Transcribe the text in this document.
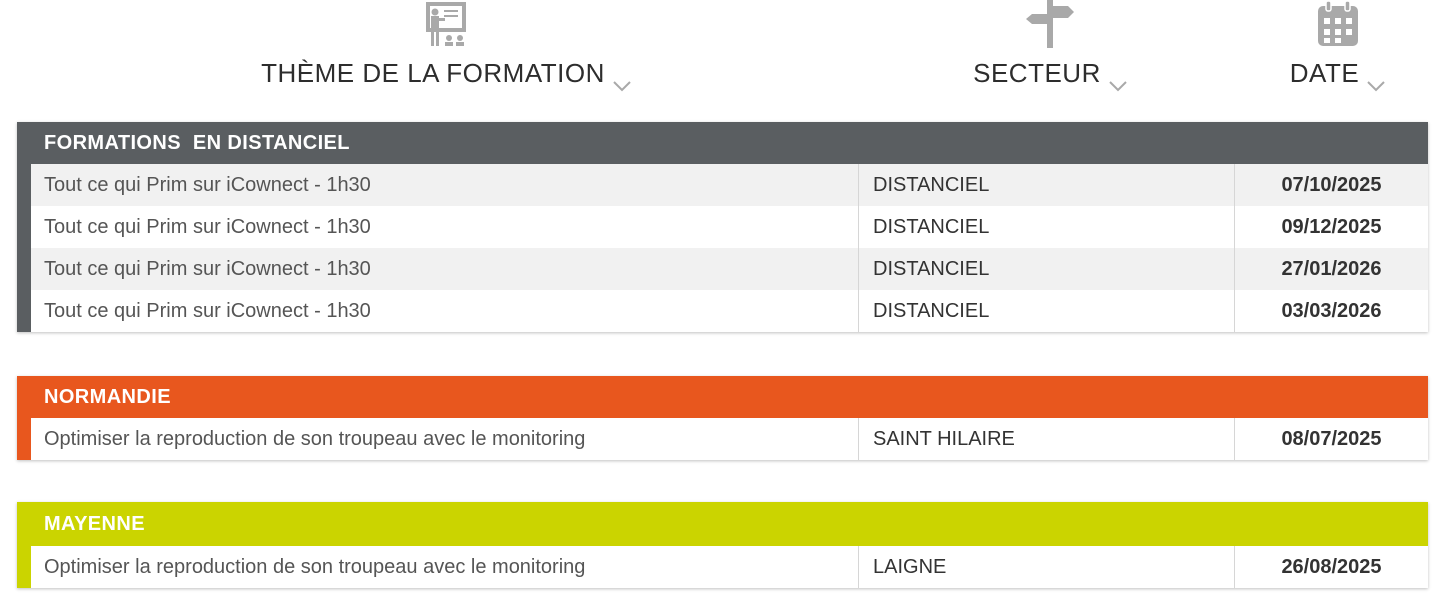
THÈME DE LA FORMATION	SECTEUR	DATE
FORMATIONS  EN DISTANCIEL
Tout ce qui Prim sur iCownect - 1h30	DISTANCIEL	07/10/2025
Tout ce qui Prim sur iCownect - 1h30	DISTANCIEL	09/12/2025
Tout ce qui Prim sur iCownect - 1h30	DISTANCIEL	27/01/2026
Tout ce qui Prim sur iCownect - 1h30	DISTANCIEL	03/03/2026
NORMANDIE
Optimiser la reproduction de son troupeau avec le monitoring	SAINT HILAIRE	08/07/2025
MAYENNE
Optimiser la reproduction de son troupeau avec le monitoring	LAIGNE	26/08/2025
